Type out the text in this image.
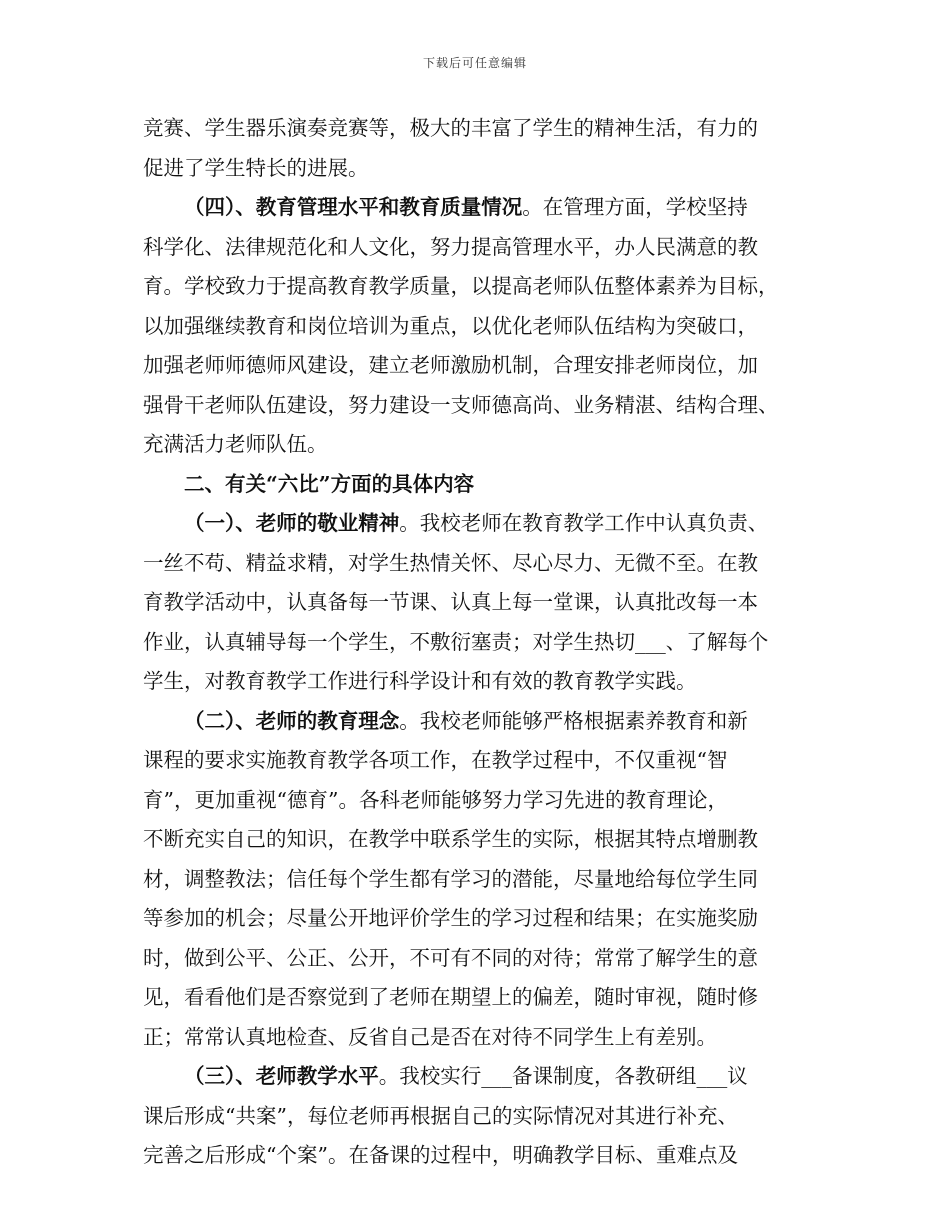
下载后可任意编辑
竞赛、学生器乐演奏竞赛等，极大的丰富了学生的精神生活，有力的
促进了学生特长的进展。
（四）、教育管理水平和教育质量情况。在管理方面，学校坚持
科学化、法律规范化和人文化，努力提高管理水平，办人民满意的教
育。学校致力于提高教育教学质量，以提高老师队伍整体素养为目标，
以加强继续教育和岗位培训为重点，以优化老师队伍结构为突破口，
加强老师师德师风建设，建立老师激励机制，合理安排老师岗位，加
强骨干老师队伍建设，努力建设一支师德高尚、业务精湛、结构合理、
充满活力老师队伍。
二、有关“六比”方面的具体内容
（一）、老师的敬业精神。我校老师在教育教学工作中认真负责、
一丝不苟、精益求精，对学生热情关怀、尽心尽力、无微不至。在教
育教学活动中，认真备每一节课、认真上每一堂课，认真批改每一本
作业，认真辅导每一个学生，不敷衍塞责；对学生热切___、了解每个
学生，对教育教学工作进行科学设计和有效的教育教学实践。
（二）、老师的教育理念。我校老师能够严格根据素养教育和新
课程的要求实施教育教学各项工作，在教学过程中，不仅重视“智
育”，更加重视“德育”。各科老师能够努力学习先进的教育理论，
不断充实自己的知识，在教学中联系学生的实际，根据其特点增删教
材，调整教法；信任每个学生都有学习的潜能，尽量地给每位学生同
等参加的机会；尽量公开地评价学生的学习过程和结果；在实施奖励
时，做到公平、公正、公开，不可有不同的对待；常常了解学生的意
见，看看他们是否察觉到了老师在期望上的偏差，随时审视，随时修
正；常常认真地检查、反省自己是否在对待不同学生上有差别。
（三）、老师教学水平。我校实行___备课制度，各教研组___议
课后形成“共案”，每位老师再根据自己的实际情况对其进行补充、
完善之后形成“个案”。在备课的过程中，明确教学目标、重难点及
